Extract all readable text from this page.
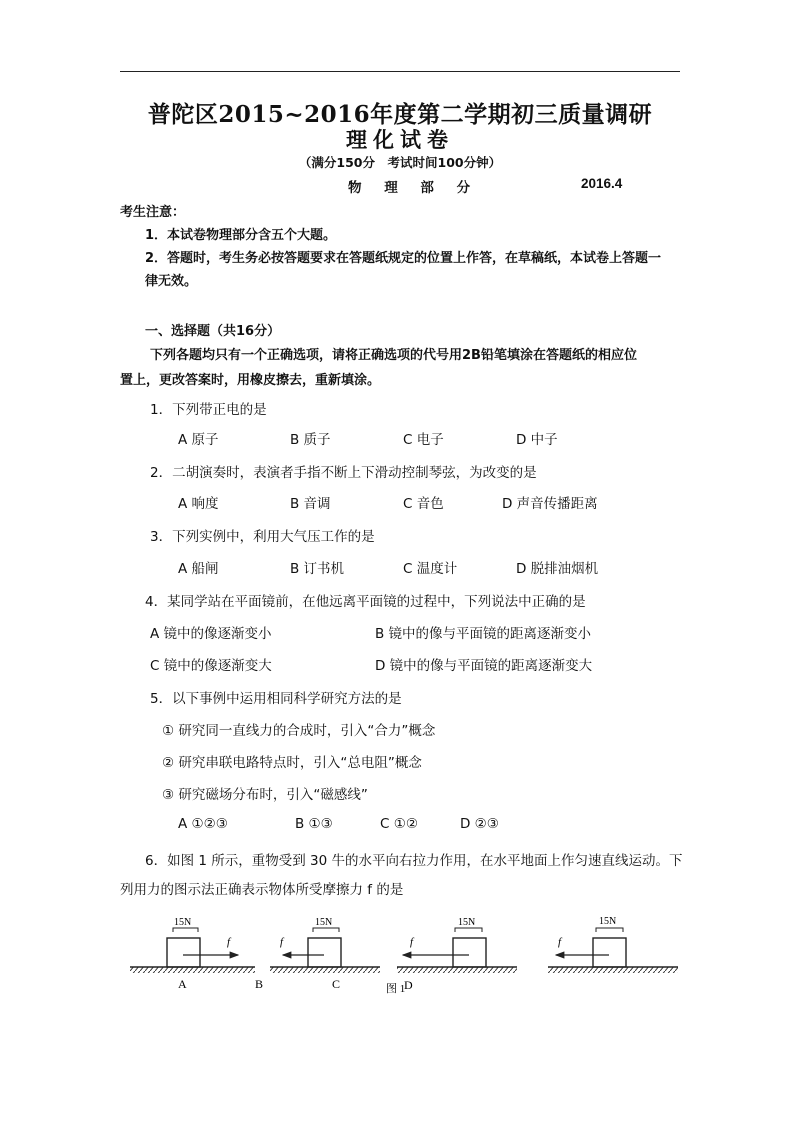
普陀区2015~2016年度第二学期初三质量调研
理化试卷
（满分150分　考试时间100分钟）
物 理 部 分	2016.4
考生注意：
1．本试卷物理部分含五个大题。
2．答题时，考生务必按答题要求在答题纸规定的位置上作答，在草稿纸，本试卷上答题一
律无效。
一、选择题（共16分）
下列各题均只有一个正确选项，请将正确选项的代号用2B铅笔填涂在答题纸的相应位
置上，更改答案时，用橡皮擦去，重新填涂。
1．下列带正电的是
A 原子	B 质子	C 电子	D 中子
2．二胡演奏时，表演者手指不断上下滑动控制琴弦，为改变的是
A 响度	B 音调	C 音色	D 声音传播距离
3．下列实例中，利用大气压工作的是
A 船闸	B 订书机	C 温度计	D 脱排油烟机
4．某同学站在平面镜前，在他远离平面镜的过程中，下列说法中正确的是
A 镜中的像逐渐变小	B 镜中的像与平面镜的距离逐渐变小
C 镜中的像逐渐变大	D 镜中的像与平面镜的距离逐渐变大
5．以下事例中运用相同科学研究方法的是
① 研究同一直线力的合成时，引入“合力”概念
② 研究串联电路特点时，引入“总电阻”概念
③ 研究磁场分布时，引入“磁感线”
A ①②③	B ①③	C ①②	D ②③
6．如图 1 所示，重物受到 30 牛的水平向右拉力作用，在水平地面上作匀速直线运动。下
列用力的图示法正确表示物体所受摩擦力 f 的是
15N
f
A
15N
f
B	C
15N
f
图 1
D
15N
f
